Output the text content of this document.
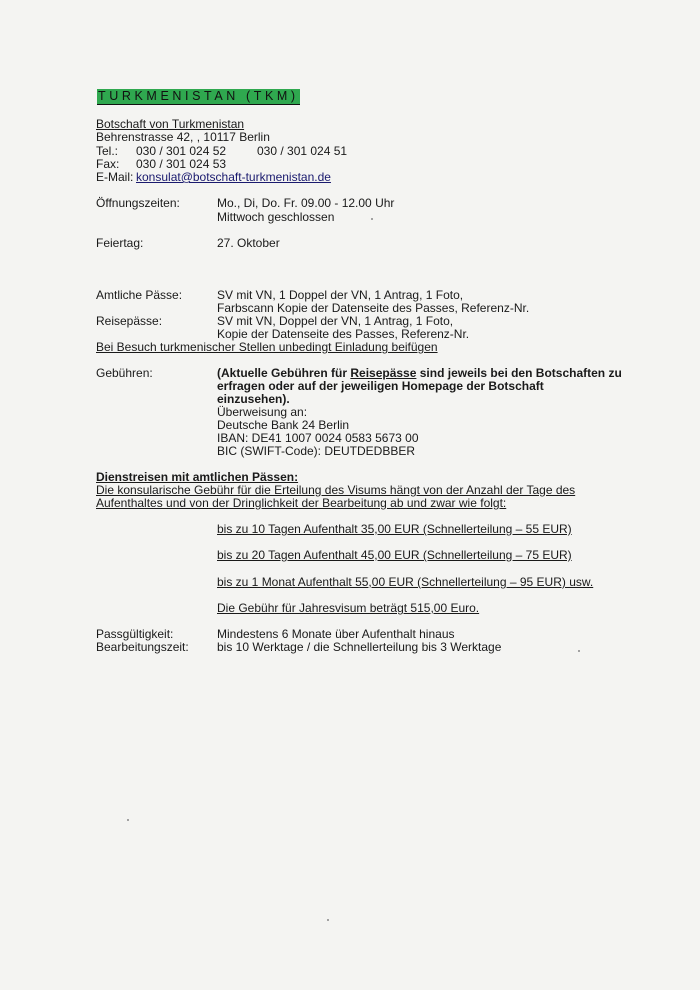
TURKMENISTAN (TKM)
Botschaft von Turkmenistan
Behrenstrasse 42, , 10117 Berlin
Tel.: 030 / 301 024 52	030 / 301 024 51
Fax: 030 / 301 024 53
E-Mail: konsulat@botschaft-turkmenistan.de
Öffnungszeiten:	Mo., Di, Do. Fr. 09.00 - 12.00 Uhr
Mittwoch geschlossen
Feiertag:	27. Oktober
Amtliche Pässe:	SV mit VN, 1 Doppel der VN, 1 Antrag, 1 Foto,
Farbscann Kopie der Datenseite des Passes, Referenz-Nr.
Reisepässe:	SV mit VN, Doppel der VN, 1 Antrag, 1 Foto,
Kopie der Datenseite des Passes, Referenz-Nr.
Bei Besuch turkmenischer Stellen unbedingt Einladung beifügen
Gebühren:	(Aktuelle Gebühren für Reisepässe sind jeweils bei den Botschaften zu
erfragen oder auf der jeweiligen Homepage der Botschaft
einzusehen).
Überweisung an:
Deutsche Bank 24 Berlin
IBAN: DE41 1007 0024 0583 5673 00
BIC (SWIFT-Code): DEUTDEDBBER
Dienstreisen mit amtlichen Pässen:
Die konsularische Gebühr für die Erteilung des Visums hängt von der Anzahl der Tage des
Aufenthaltes und von der Dringlichkeit der Bearbeitung ab und zwar wie folgt:
bis zu 10 Tagen Aufenthalt 35,00 EUR (Schnellerteilung – 55 EUR)
bis zu 20 Tagen Aufenthalt 45,00 EUR (Schnellerteilung – 75 EUR)
bis zu 1 Monat Aufenthalt 55,00 EUR (Schnellerteilung – 95 EUR) usw.
Die Gebühr für Jahresvisum beträgt 515,00 Euro.
Passgültigkeit:	Mindestens 6 Monate über Aufenthalt hinaus
Bearbeitungszeit: bis 10 Werktage / die Schnellerteilung bis 3 Werktage
